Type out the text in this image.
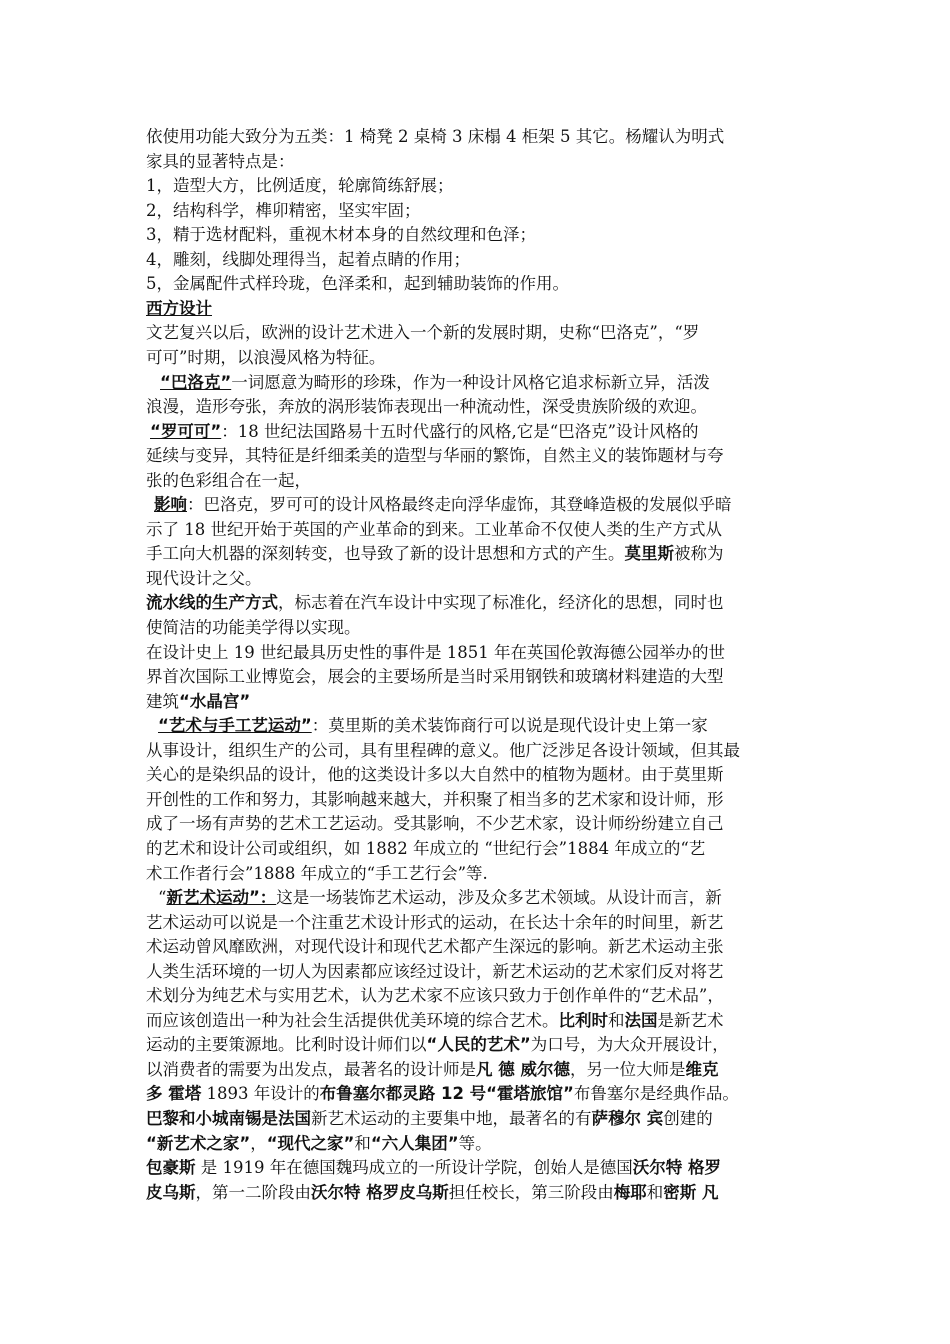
依使用功能大致分为五类：1 椅凳 2 桌椅 3 床榻 4 柜架 5 其它。杨耀认为明式
家具的显著特点是：
1，造型大方，比例适度，轮廓简练舒展；
2，结构科学，榫卯精密，坚实牢固；
3，精于选材配料，重视木材本身的自然纹理和色泽；
4，雕刻，线脚处理得当，起着点睛的作用；
5，金属配件式样玲珑，色泽柔和，起到辅助装饰的作用。
西方设计
文艺复兴以后，欧洲的设计艺术进入一个新的发展时期，史称“巴洛克”，“罗
可可”时期，以浪漫风格为特征。
“巴洛克”一词愿意为畸形的珍珠，作为一种设计风格它追求标新立异，活泼
浪漫，造形夸张，奔放的涡形装饰表现出一种流动性，深受贵族阶级的欢迎。
“罗可可”：18 世纪法国路易十五时代盛行的风格,它是“巴洛克”设计风格的
延续与变异，其特征是纤细柔美的造型与华丽的繁饰，自然主义的装饰题材与夸
张的色彩组合在一起，
影响：巴洛克，罗可可的设计风格最终走向浮华虚饰，其登峰造极的发展似乎暗
示了 18 世纪开始于英国的产业革命的到来。工业革命不仅使人类的生产方式从
手工向大机器的深刻转变，也导致了新的设计思想和方式的产生。莫里斯被称为
现代设计之父。
流水线的生产方式，标志着在汽车设计中实现了标准化，经济化的思想，同时也
使简洁的功能美学得以实现。
在设计史上 19 世纪最具历史性的事件是 1851 年在英国伦敦海德公园举办的世
界首次国际工业博览会，展会的主要场所是当时采用钢铁和玻璃材料建造的大型
建筑“水晶宫”
“艺术与手工艺运动”：莫里斯的美术装饰商行可以说是现代设计史上第一家
从事设计，组织生产的公司，具有里程碑的意义。他广泛涉足各设计领域，但其最
关心的是染织品的设计，他的这类设计多以大自然中的植物为题材。由于莫里斯
开创性的工作和努力，其影响越来越大，并积聚了相当多的艺术家和设计师，形
成了一场有声势的艺术工艺运动。受其影响，不少艺术家，设计师纷纷建立自己
的艺术和设计公司或组织，如 1882 年成立的 “世纪行会”1884 年成立的“艺
术工作者行会”1888 年成立的“手工艺行会”等.
“新艺术运动”：这是一场装饰艺术运动，涉及众多艺术领域。从设计而言，新
艺术运动可以说是一个注重艺术设计形式的运动，在长达十余年的时间里，新艺
术运动曾风靡欧洲，对现代设计和现代艺术都产生深远的影响。新艺术运动主张
人类生活环境的一切人为因素都应该经过设计，新艺术运动的艺术家们反对将艺
术划分为纯艺术与实用艺术，认为艺术家不应该只致力于创作单件的“艺术品”，
而应该创造出一种为社会生活提供优美环境的综合艺术。比利时和法国是新艺术
运动的主要策源地。比利时设计师们以“人民的艺术”为口号，为大众开展设计，
以消费者的需要为出发点，最著名的设计师是凡 德 威尔德，另一位大师是维克
多 霍塔 1893 年设计的布鲁塞尔都灵路 12 号“霍塔旅馆”布鲁塞尔是经典作品。
巴黎和小城南锡是法国新艺术运动的主要集中地，最著名的有萨穆尔 宾创建的
“新艺术之家”，“现代之家”和“六人集团”等。
包豪斯 是 1919 年在德国魏玛成立的一所设计学院，创始人是德国沃尔特 格罗
皮乌斯，第一二阶段由沃尔特 格罗皮乌斯担任校长，第三阶段由梅耶和密斯 凡
